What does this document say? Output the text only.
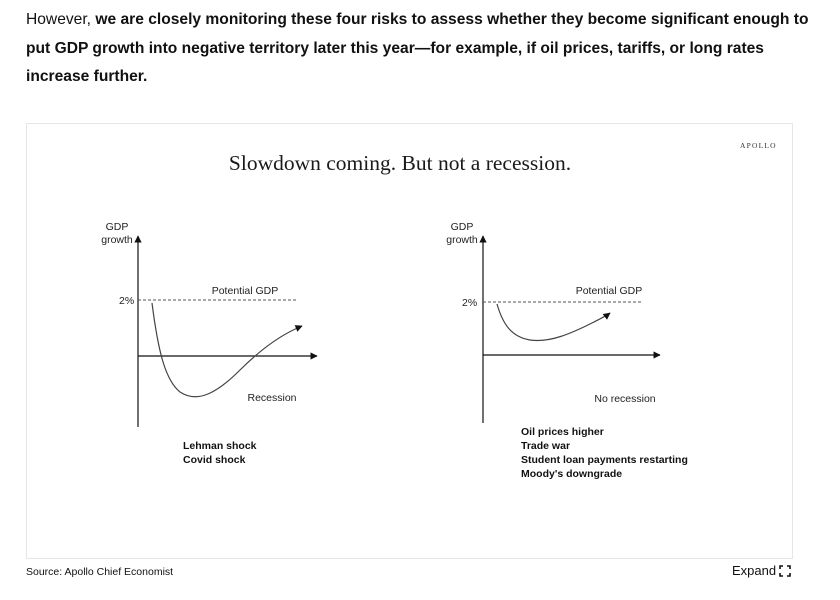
However, we are closely monitoring these four risks to assess whether they become significant enough to put GDP growth into negative territory later this year—for example, if oil prices, tariffs, or long rates increase further.
APOLLO
Slowdown coming. But not a recession.
GDP
growth
2%
Potential GDP
Recession
Lehman shock
Covid shock
GDP
growth
2%
Potential GDP
No recession
Oil prices higher
Trade war
Student loan payments restarting
Moody's downgrade
Source: Apollo Chief Economist	Expand
